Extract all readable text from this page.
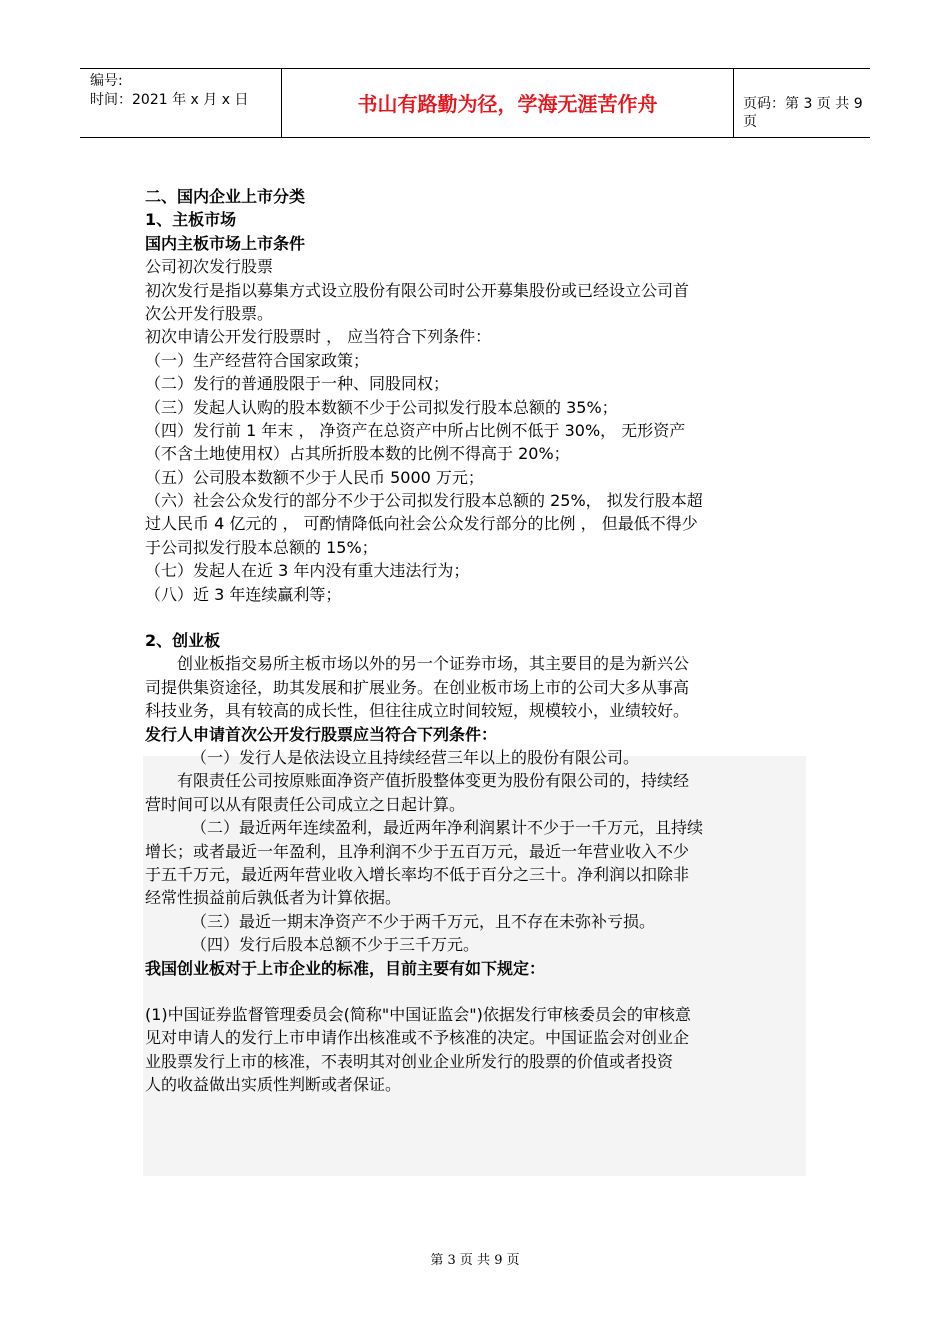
编号:
时间：2021 年 x 月 x 日	书山有路勤为径，学海无涯苦作舟	页码：第 3 页 共 9 页
二、国内企业上市分类
1、主板市场
国内主板市场上市条件
公司初次发行股票
初次发行是指以募集方式设立股份有限公司时公开募集股份或已经设立公司首
次公开发行股票。
初次申请公开发行股票时 ， 应当符合下列条件：
（一）生产经营符合国家政策；
（二）发行的普通股限于一种、同股同权；
（三）发起人认购的股本数额不少于公司拟发行股本总额的 35%；
（四）发行前 1 年末 ， 净资产在总资产中所占比例不低于 30%， 无形资产
（不含土地使用权）占其所折股本数的比例不得高于 20%；
（五）公司股本数额不少于人民币 5000 万元；
（六）社会公众发行的部分不少于公司拟发行股本总额的 25%， 拟发行股本超
过人民币 4 亿元的 ， 可酌情降低向社会公众发行部分的比例 ， 但最低不得少
于公司拟发行股本总额的 15%；
（七）发起人在近 3 年内没有重大违法行为；
（八）近 3 年连续赢利等；
2、创业板
创业板指交易所主板市场以外的另一个证券市场，其主要目的是为新兴公
司提供集资途径，助其发展和扩展业务。在创业板市场上市的公司大多从事高
科技业务，具有较高的成长性，但往往成立时间较短，规模较小，业绩较好。
发行人申请首次公开发行股票应当符合下列条件：
（一）发行人是依法设立且持续经营三年以上的股份有限公司。
有限责任公司按原账面净资产值折股整体变更为股份有限公司的，持续经
营时间可以从有限责任公司成立之日起计算。
（二）最近两年连续盈利，最近两年净利润累计不少于一千万元，且持续
增长；或者最近一年盈利，且净利润不少于五百万元，最近一年营业收入不少
于五千万元，最近两年营业收入增长率均不低于百分之三十。净利润以扣除非
经常性损益前后孰低者为计算依据。
（三）最近一期末净资产不少于两千万元，且不存在未弥补亏损。
（四）发行后股本总额不少于三千万元。
我国创业板对于上市企业的标准，目前主要有如下规定：
(1)中国证券监督管理委员会(简称"中国证监会")依据发行审核委员会的审核意
见对申请人的发行上市申请作出核准或不予核准的决定。中国证监会对创业企
业股票发行上市的核准，不表明其对创业企业所发行的股票的价值或者投资
人的收益做出实质性判断或者保证。
第 3 页 共 9 页
